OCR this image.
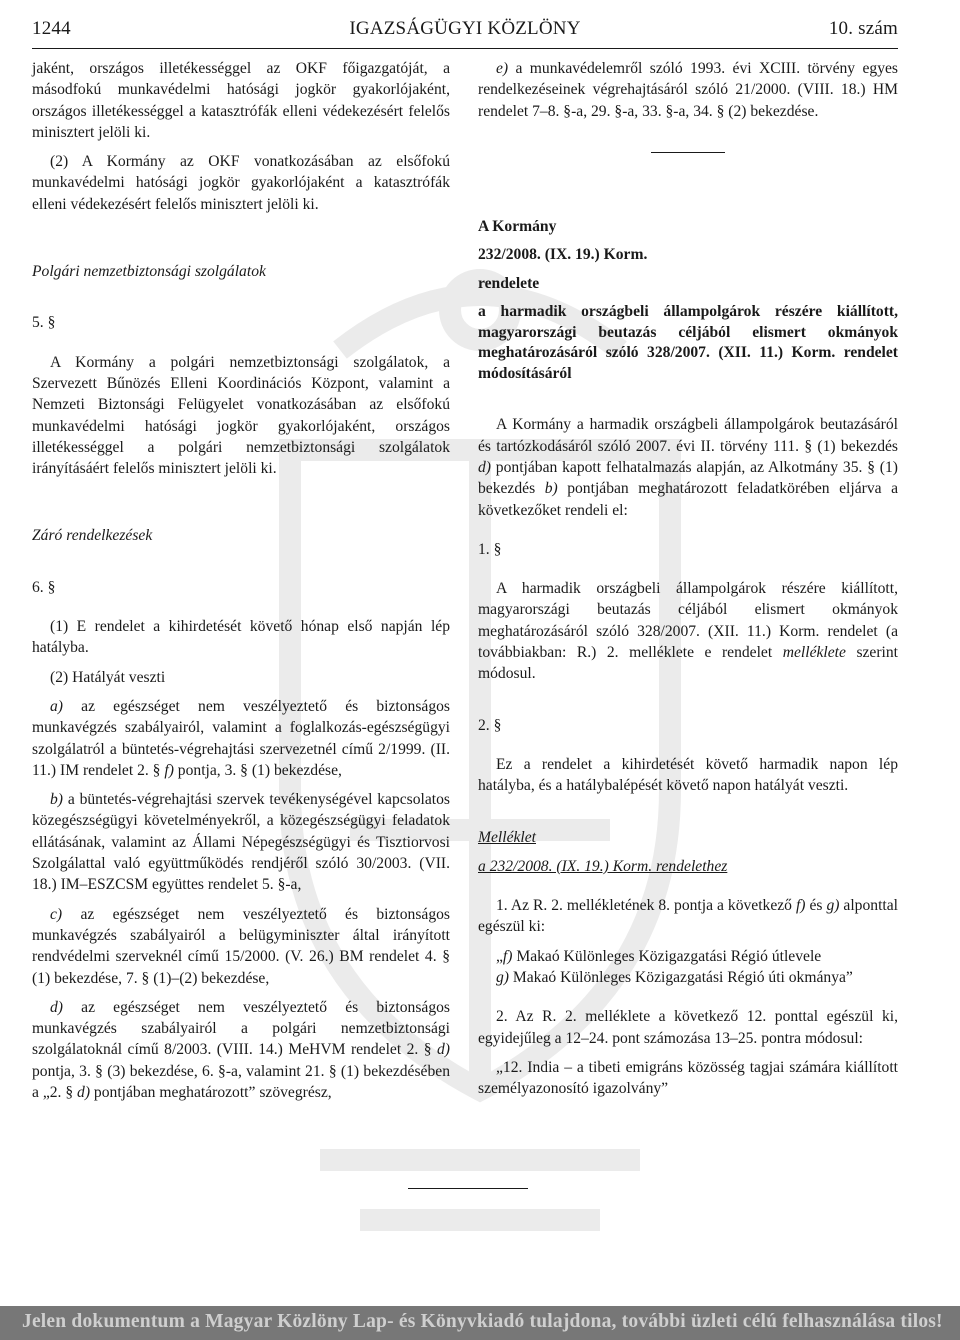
1244	IGAZSÁGÜGYI KÖZLÖNY	10. szám

jaként, országos illetékességgel az OKF főigazgatóját, a másodfokú munkavédelmi hatósági jogkör gyakorlójaként, országos illetékességgel a katasztrófák elleni védekezésért felelős minisztert jelöli ki.

(2) A Kormány az OKF vonatkozásában az elsőfokú munkavédelmi hatósági jogkör gyakorlójaként a katasztrófák elleni védekezésért felelős minisztert jelöli ki.

Polgári nemzetbiztonsági szolgálatok

5. §

A Kormány a polgári nemzetbiztonsági szolgálatok, a Szervezett Bűnözés Elleni Koordinációs Központ, valamint a Nemzeti Biztonsági Felügyelet vonatkozásában az elsőfokú munkavédelmi hatósági jogkör gyakorlójaként, országos illetékességgel a polgári nemzetbiztonsági szolgálatok irányításáért felelős minisztert jelöli ki.

Záró rendelkezések

6. §

(1) E rendelet a kihirdetését követő hónap első napján lép hatályba.

(2) Hatályát veszti

a) az egészséget nem veszélyeztető és biztonságos munkavégzés szabályairól, valamint a foglalkozás-egészségügyi szolgálatról a büntetés-végrehajtási szervezetnél című 2/1999. (II. 11.) IM rendelet 2. § f) pontja, 3. § (1) bekezdése,

b) a büntetés-végrehajtási szervek tevékenységével kapcsolatos közegészségügyi követelményekről, a közegészségügyi feladatok ellátásának, valamint az Állami Népegészségügyi és Tisztiorvosi Szolgálattal való együttműködés rendjéről szóló 30/2003. (VII. 18.) IM–ESZCSM együttes rendelet 5. §-a,

c) az egészséget nem veszélyeztető és biztonságos munkavégzés szabályairól a belügyminiszter által irányított rendvédelmi szerveknél című 15/2000. (V. 26.) BM rendelet 4. § (1) bekezdése, 7. § (1)–(2) bekezdése,

d) az egészséget nem veszélyeztető és biztonságos munkavégzés szabályairól a polgári nemzetbiztonsági szolgálatoknál című 8/2003. (VIII. 14.) MeHVM rendelet 2. § d) pontja, 3. § (3) bekezdése, 6. §-a, valamint 21. § (1) bekezdésében a „2. § d) pontjában meghatározott” szövegrész,

e) a munkavédelemről szóló 1993. évi XCIII. törvény egyes rendelkezéseinek végrehajtásáról szóló 21/2000. (VIII. 18.) HM rendelet 7–8. §-a, 29. §-a, 33. §-a, 34. § (2) bekezdése.

A Kormány

232/2008. (IX. 19.) Korm.

rendelete

a harmadik országbeli állampolgárok részére kiállított, magyarországi beutazás céljából elismert okmányok meghatározásáról szóló 328/2007. (XII. 11.) Korm. rendelet módosításáról

A Kormány a harmadik országbeli állampolgárok beutazásáról és tartózkodásáról szóló 2007. évi II. törvény 111. § (1) bekezdés d) pontjában kapott felhatalmazás alapján, az Alkotmány 35. § (1) bekezdés b) pontjában meghatározott feladatkörében eljárva a következőket rendeli el:

1. §

A harmadik országbeli állampolgárok részére kiállított, magyarországi beutazás céljából elismert okmányok meghatározásáról szóló 328/2007. (XII. 11.) Korm. rendelet (a továbbiakban: R.) 2. melléklete e rendelet melléklete szerint módosul.

2. §

Ez a rendelet a kihirdetését követő harmadik napon lép hatályba, és a hatálybalépését követő napon hatályát veszti.

Melléklet

a 232/2008. (IX. 19.) Korm. rendelethez

1. Az R. 2. mellékletének 8. pontja a következő f) és g) alponttal egészül ki:

„f) Makaó Különleges Közigazgatási Régió útlevele

g) Makaó Különleges Közigazgatási Régió úti okmánya”

2. Az R. 2. melléklete a következő 12. ponttal egészül ki, egyidejűleg a 12–24. pont számozása 13–25. pontra módosul:

„12. India – a tibeti emigráns közösség tagjai számára kiállított személyazonosító igazolvány”

Jelen dokumentum a Magyar Közlöny Lap- és Könyvkiadó tulajdona, további üzleti célú felhasználása tilos!
